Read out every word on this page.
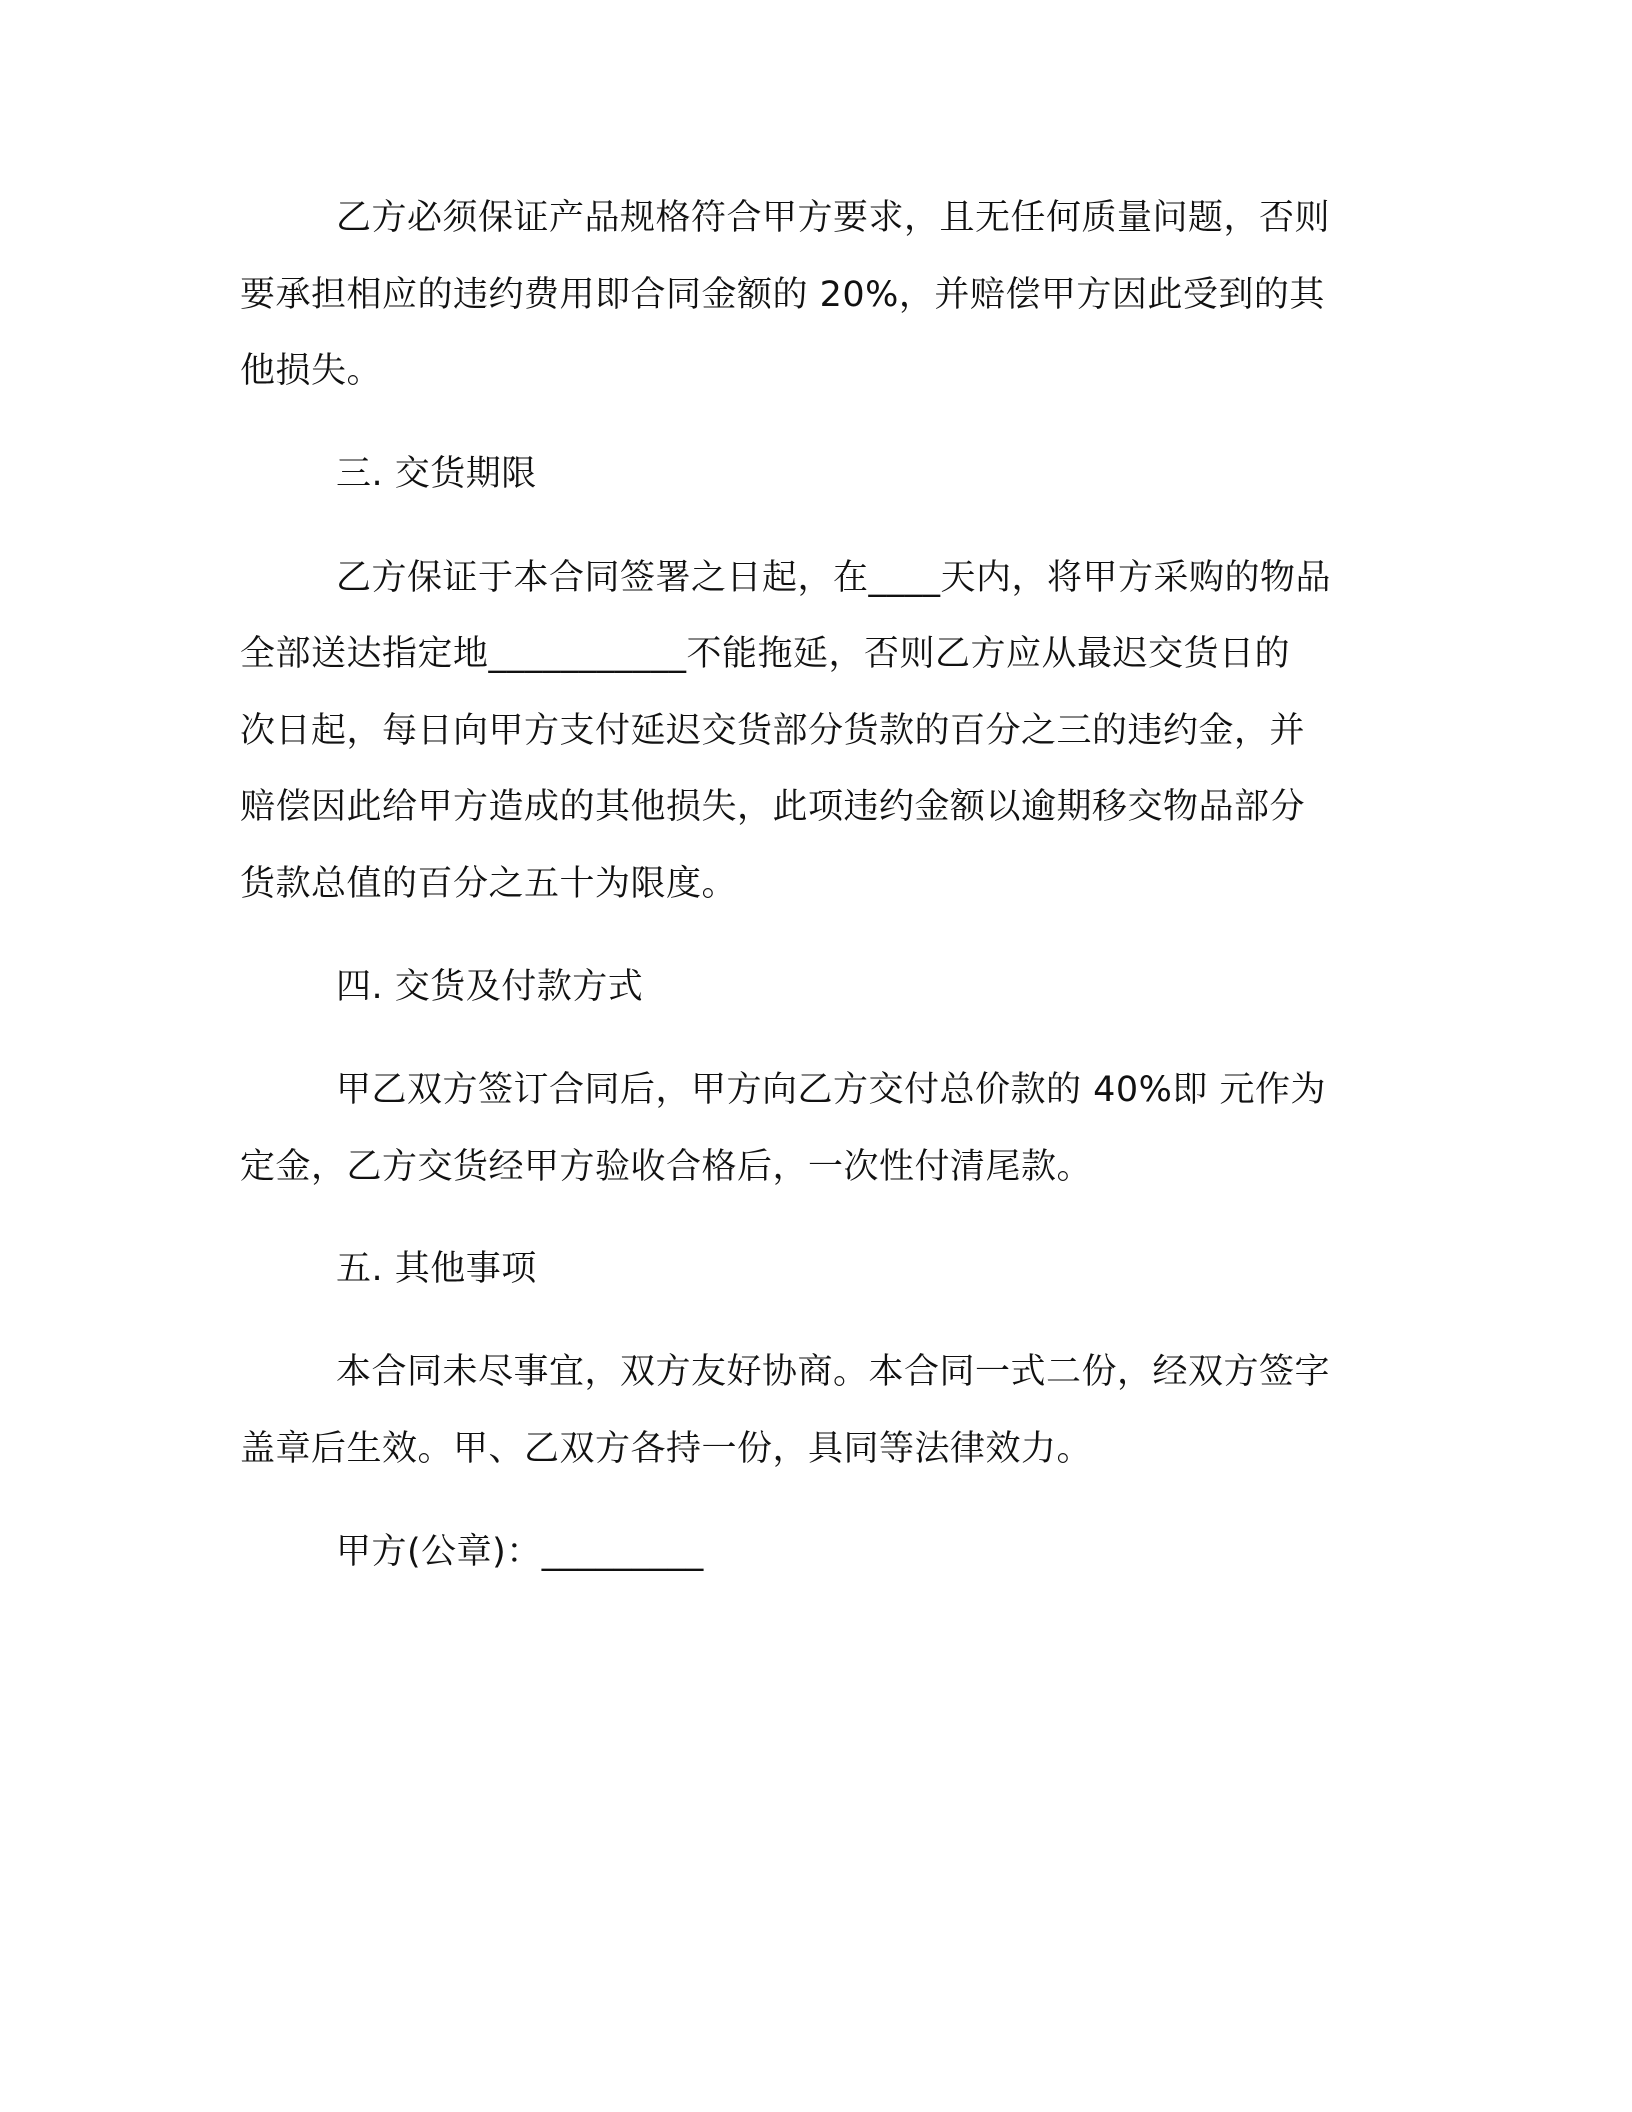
乙方必须保证产品规格符合甲方要求，且无任何质量问题，否则
要承担相应的违约费用即合同金额的 20%，并赔偿甲方因此受到的其
他损失。
三. 交货期限
乙方保证于本合同签署之日起，在____天内，将甲方采购的物品
全部送达指定地___________不能拖延，否则乙方应从最迟交货日的
次日起，每日向甲方支付延迟交货部分货款的百分之三的违约金，并
赔偿因此给甲方造成的其他损失，此项违约金额以逾期移交物品部分
货款总值的百分之五十为限度。
四. 交货及付款方式
甲乙双方签订合同后，甲方向乙方交付总价款的 40%即 元作为
定金，乙方交货经甲方验收合格后，一次性付清尾款。
五. 其他事项
本合同未尽事宜，双方友好协商。本合同一式二份，经双方签字
盖章后生效。甲、乙双方各持一份，具同等法律效力。
甲方(公章)：_________
